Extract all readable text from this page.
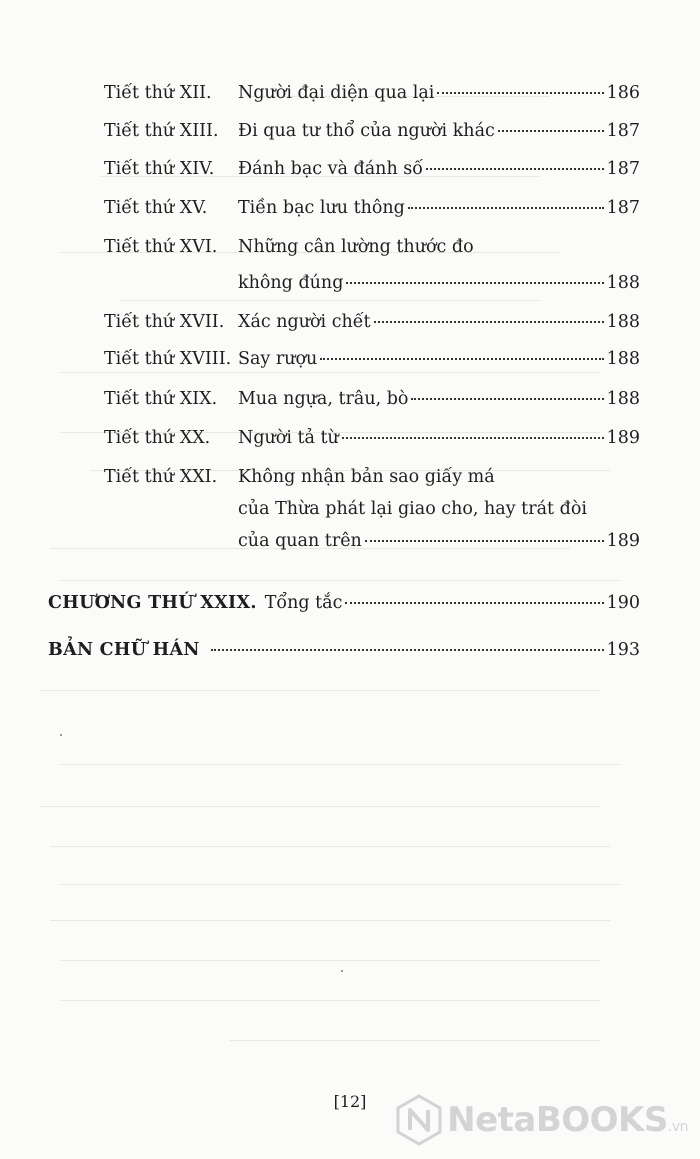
Tiết thứ XII. Người đại diện qua lại	186
Tiết thứ XIII. Đi qua tư thổ của người khác	187
Tiết thứ XIV. Đánh bạc và đánh số	187
Tiết thứ XV. Tiền bạc lưu thông	187
Tiết thứ XVI. Những cân lường thước đo
không đúng	188
Tiết thứ XVII. Xác người chết	188
Tiết thứ XVIII. Say rượu	188
Tiết thứ XIX. Mua ngựa, trâu, bò	188
Tiết thứ XX. Người tả từ	189
Tiết thứ XXI. Không nhận bản sao giấy má
của Thừa phát lại giao cho, hay trát đòi
của quan trên	189
CHƯƠNG THỨ XXIX. Tổng tắc	190
BẢN CHỮ HÁN	193
[12]	NetaBOOKS.vn
